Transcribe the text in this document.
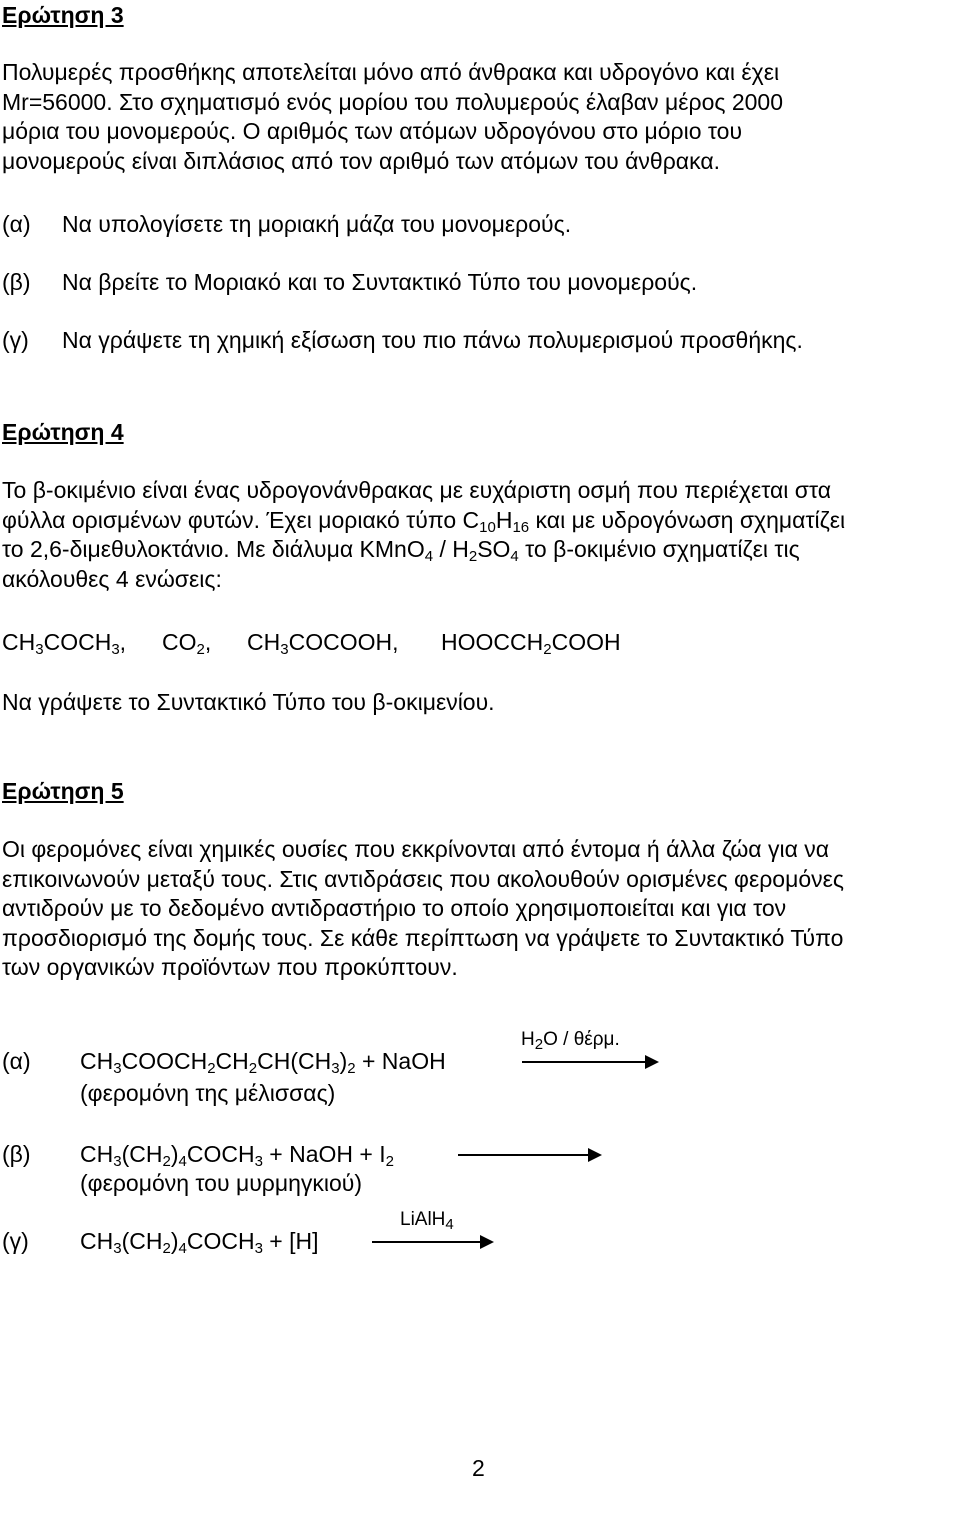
Ερώτηση 3
Πολυμερές προσθήκης αποτελείται μόνο από άνθρακα και υδρογόνο και έχει
Mr=56000. Στο σχηματισμό ενός μορίου του πολυμερούς έλαβαν μέρος 2000
μόρια του μονομερούς. Ο αριθμός των ατόμων υδρογόνου στο μόριο του
μονομερούς είναι διπλάσιος από τον αριθμό των ατόμων του άνθρακα.
(α) Να υπολογίσετε τη μοριακή μάζα του μονομερούς.
(β) Να βρείτε το Μοριακό και το Συντακτικό Τύπο του μονομερούς.
(γ) Να γράψετε τη χημική εξίσωση του πιο πάνω πολυμερισμού προσθήκης.
Ερώτηση 4
Το β-οκιμένιο είναι ένας υδρογονάνθρακας με ευχάριστη οσμή που περιέχεται στα
φύλλα ορισμένων φυτών. Έχει μοριακό τύπο $C_{10}H_{16}$ και με υδρογόνωση σχηματίζει
το 2,6-διμεθυλοκτάνιο. Με διάλυμα KMnO$_4$ / $H_2SO_4$ το β-οκιμένιο σχηματίζει τις
ακόλουθες 4 ενώσεις:
$CH_3COCH_3$, $CO_2$, $CH_3COCOOH$, $HOOCCH_2COOH$
Να γράψετε το Συντακτικό Τύπο του β-οκιμενίου.
Ερώτηση 5
Οι φερομόνες είναι χημικές ουσίες που εκκρίνονται από έντομα ή άλλα ζώα για να
επικοινωνούν μεταξύ τους. Στις αντιδράσεις που ακολουθούν ορισμένες φερομόνες
αντιδρούν με το δεδομένο αντιδραστήριο το οποίο χρησιμοποιείται και για τον
προσδιορισμό της δομής τους. Σε κάθε περίπτωση να γράψετε το Συντακτικό Τύπο
των οργανικών προϊόντων που προκύπτουν.
(α) $CH_3COOCH_2CH_2CH(CH_3)_2$ + NaOH
$H_2O$ / θέρμ.
(φερομόνη της μέλισσας)
(β) $CH_3(CH_2)_4COCH_3$ + NaOH + $I_2$
(φερομόνη του μυρμηγκιού)
(γ) $CH_3(CH_2)_4COCH_3 + [H]$
LiAlH$_4$
2
